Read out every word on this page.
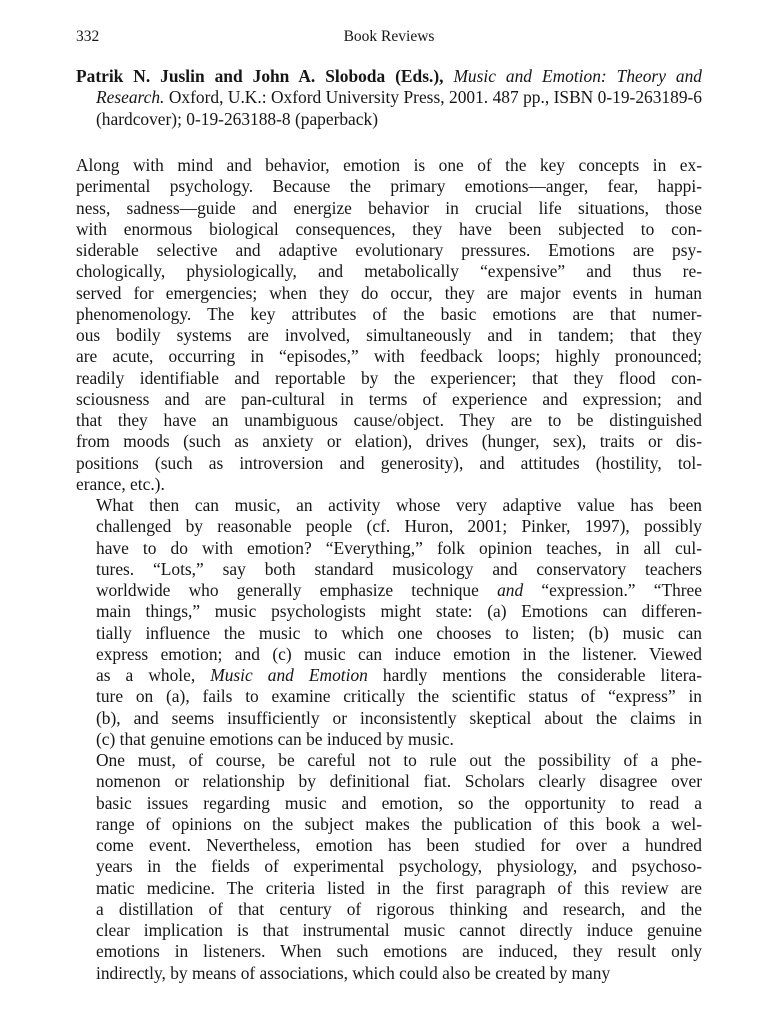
332	Book Reviews
Patrik N. Juslin and John A. Sloboda (Eds.), Music and Emotion: Theory and Research. Oxford, U.K.: Oxford University Press, 2001. 487 pp., ISBN 0-19-263189-6 (hardcover); 0-19-263188-8 (paperback)

Along with mind and behavior, emotion is one of the key concepts in ex-
perimental psychology. Because the primary emotions—anger, fear, happi-
ness, sadness—guide and energize behavior in crucial life situations, those
with enormous biological consequences, they have been subjected to con-
siderable selective and adaptive evolutionary pressures. Emotions are psy-
chologically, physiologically, and metabolically “expensive” and thus re-
served for emergencies; when they do occur, they are major events in human
phenomenology. The key attributes of the basic emotions are that numer-
ous bodily systems are involved, simultaneously and in tandem; that they
are acute, occurring in “episodes,” with feedback loops; highly pronounced;
readily identifiable and reportable by the experiencer; that they flood con-
sciousness and are pan-cultural in terms of experience and expression; and
that they have an unambiguous cause/object. They are to be distinguished
from moods (such as anxiety or elation), drives (hunger, sex), traits or dis-
positions (such as introversion and generosity), and attitudes (hostility, tol-
erance, etc.).

What then can music, an activity whose very adaptive value has been
challenged by reasonable people (cf. Huron, 2001; Pinker, 1997), possibly
have to do with emotion? “Everything,” folk opinion teaches, in all cul-
tures. “Lots,” say both standard musicology and conservatory teachers
worldwide who generally emphasize technique and “expression.” “Three
main things,” music psychologists might state: (a) Emotions can differen-
tially influence the music to which one chooses to listen; (b) music can
express emotion; and (c) music can induce emotion in the listener. Viewed
as a whole, Music and Emotion hardly mentions the considerable litera-
ture on (a), fails to examine critically the scientific status of “express” in
(b), and seems insufficiently or inconsistently skeptical about the claims in
(c) that genuine emotions can be induced by music.

One must, of course, be careful not to rule out the possibility of a phe-
nomenon or relationship by definitional fiat. Scholars clearly disagree over
basic issues regarding music and emotion, so the opportunity to read a
range of opinions on the subject makes the publication of this book a wel-
come event. Nevertheless, emotion has been studied for over a hundred
years in the fields of experimental psychology, physiology, and psychoso-
matic medicine. The criteria listed in the first paragraph of this review are
a distillation of that century of rigorous thinking and research, and the
clear implication is that instrumental music cannot directly induce genuine
emotions in listeners. When such emotions are induced, they result only
indirectly, by means of associations, which could also be created by many
